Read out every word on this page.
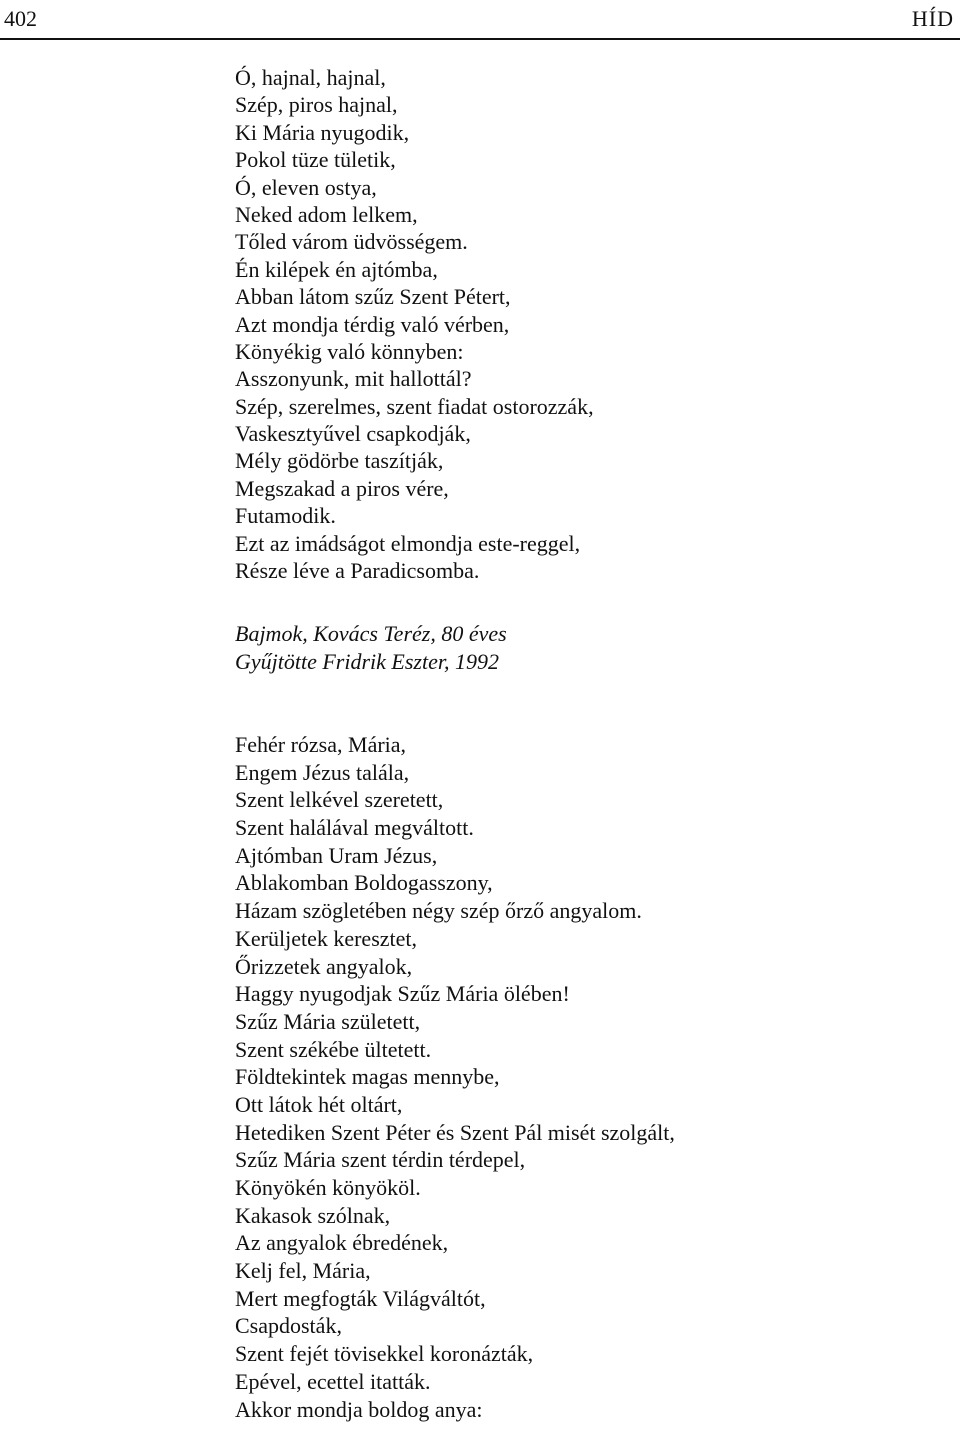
402	HÍD
Ó, hajnal, hajnal,
Szép, piros hajnal,
Ki Mária nyugodik,
Pokol tüze tületik,
Ó, eleven ostya,
Neked adom lelkem,
Tőled várom üdvösségem.
Én kilépek én ajtómba,
Abban látom szűz Szent Pétert,
Azt mondja térdig való vérben,
Könyékig való könnyben:
Asszonyunk, mit hallottál?
Szép, szerelmes, szent fiadat ostorozzák,
Vaskesztyűvel csapkodják,
Mély gödörbe taszítják,
Megszakad a piros vére,
Futamodik.
Ezt az imádságot elmondja este-reggel,
Része léve a Paradicsomba.
Bajmok, Kovács Teréz, 80 éves
Gyűjtötte Fridrik Eszter, 1992
Fehér rózsa, Mária,
Engem Jézus talála,
Szent lelkével szeretett,
Szent halálával megváltott.
Ajtómban Uram Jézus,
Ablakomban Boldogasszony,
Házam szögletében négy szép őrző angyalom.
Kerüljetek keresztet,
Őrizzetek angyalok,
Haggy nyugodjak Szűz Mária ölében!
Szűz Mária született,
Szent székébe ültetett.
Földtekintek magas mennybe,
Ott látok hét oltárt,
Hetediken Szent Péter és Szent Pál misét szolgált,
Szűz Mária szent térdin térdepel,
Könyökén könyököl.
Kakasok szólnak,
Az angyalok ébredének,
Kelj fel, Mária,
Mert megfogták Világváltót,
Csapdosták,
Szent fejét tövisekkel koronázták,
Epével, ecettel itatták.
Akkor mondja boldog anya:
